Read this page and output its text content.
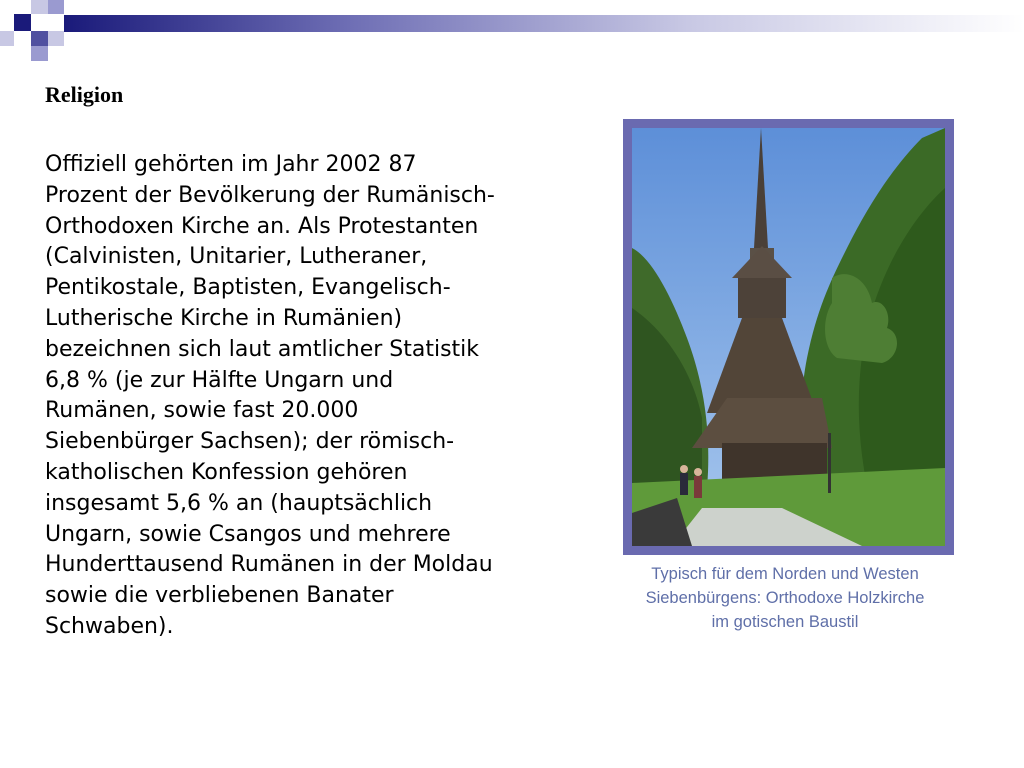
Religion

Offiziell gehörten im Jahr 2002 87 Prozent der Bevölkerung der Rumänisch-Orthodoxen Kirche an. Als Protestanten (Calvinisten, Unitarier, Lutheraner, Pentikostale, Baptisten, Evangelisch-Lutherische Kirche in Rumänien) bezeichnen sich laut amtlicher Statistik 6,8 % (je zur Hälfte Ungarn und Rumänen, sowie fast 20.000 Siebenbürger Sachsen); der römisch-katholischen Konfession gehören insgesamt 5,6 % an (hauptsächlich Ungarn, sowie Csangos und mehrere Hunderttausend Rumänen in der Moldau sowie die verbliebenen Banater Schwaben).

Typisch für dem Norden und Westen Siebenbürgens: Orthodoxe Holzkirche im gotischen Baustil
